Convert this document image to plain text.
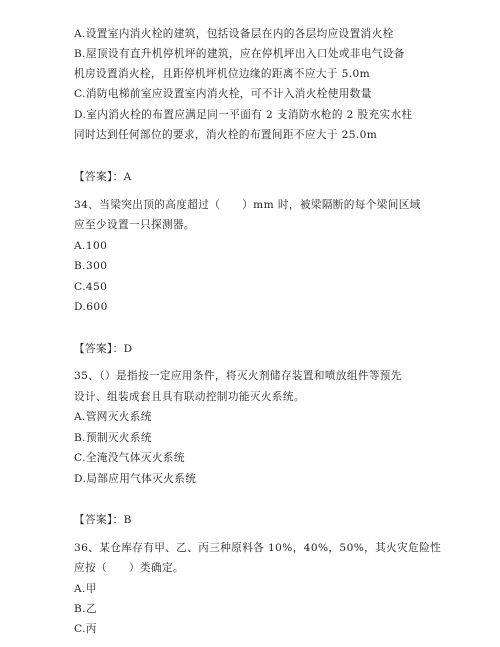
A.设置室内消火栓的建筑，包括设备层在内的各层均应设置消火栓
B.屋顶设有直升机停机坪的建筑，应在停机坪出入口处或非电气设备
机房设置消火栓，且距停机坪机位边缘的距离不应大于 5.0m
C.消防电梯前室应设置室内消火栓，可不计入消火栓使用数量
D.室内消火栓的布置应满足同一平面有 2 支消防水枪的 2 股充实水柱
同时达到任何部位的要求，消火栓的布置间距不应大于 25.0m
【答案】：A
34、当梁突出顶的高度超过（　　）mm 时，被梁隔断的每个梁间区域
应至少设置一只探测器。
A.100
B.300
C.450
D.600
【答案】：D
35、（）是指按一定应用条件，将灭火剂储存装置和喷放组件等预先
设计、组装成套且具有联动控制功能灭火系统。
A.管网灭火系统
B.预制灭火系统
C.全淹没气体灭火系统
D.局部应用气体灭火系统
【答案】：B
36、某仓库存有甲、乙、丙三种原料各 10%，40%，50%，其火灾危险性
应按（　　）类确定。
A.甲
B.乙
C.丙
